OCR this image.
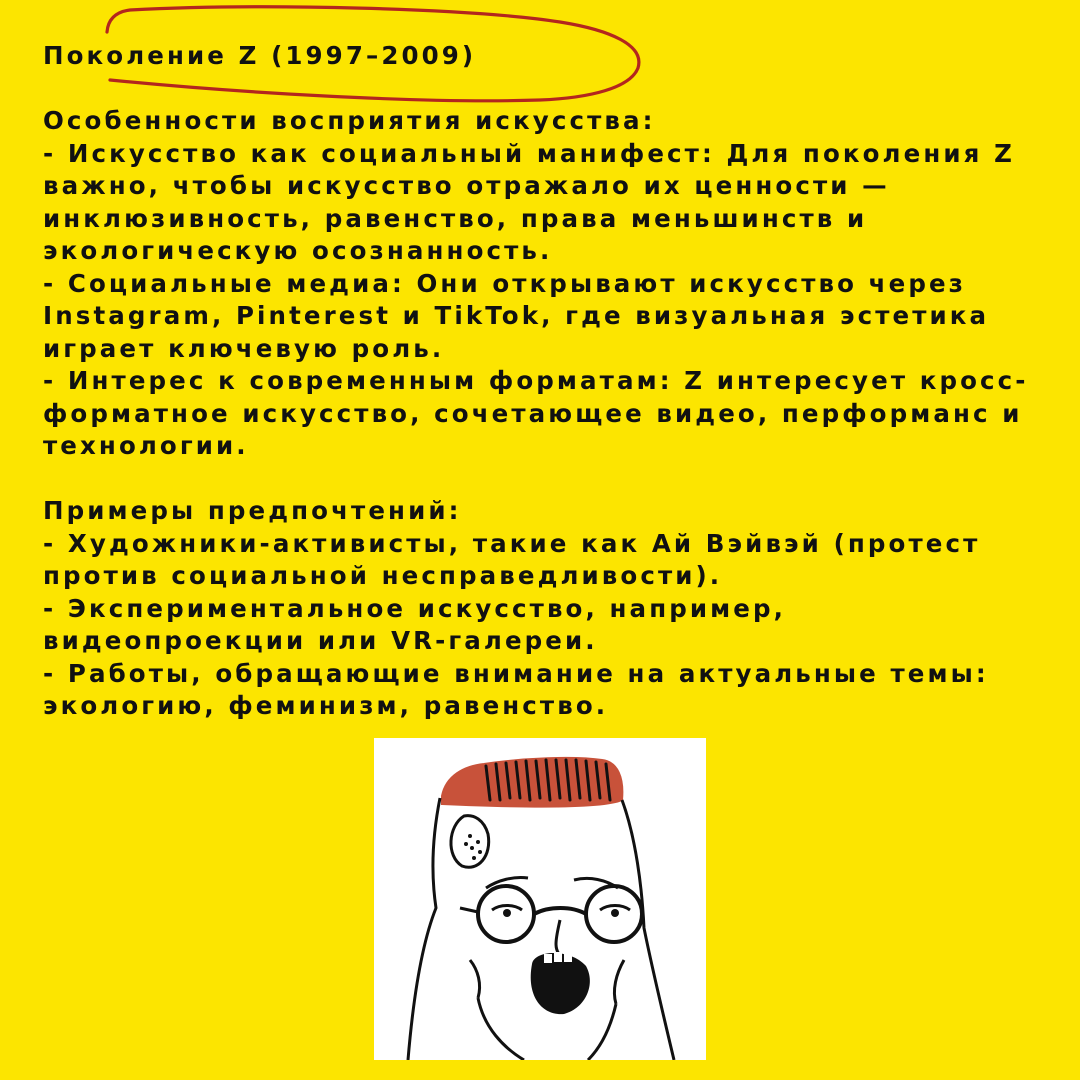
Поколение Z (1997–2009)
Особенности восприятия искусства:
- Искусство как социальный манифест: Для поколения Z
важно, чтобы искусство отражало их ценности —
инклюзивность, равенство, права меньшинств и
экологическую осознанность.
- Социальные медиа: Они открывают искусство через
Instagram, Pinterest и TikTok, где визуальная эстетика
играет ключевую роль.
- Интерес к современным форматам: Z интересует кросс-
форматное искусство, сочетающее видео, перформанс и
технологии.
Примеры предпочтений:
- Художники-активисты, такие как Ай Вэйвэй (протест
против социальной несправедливости).
- Экспериментальное искусство, например,
видеопроекции или VR-галереи.
- Работы, обращающие внимание на актуальные темы:
экологию, феминизм, равенство.
